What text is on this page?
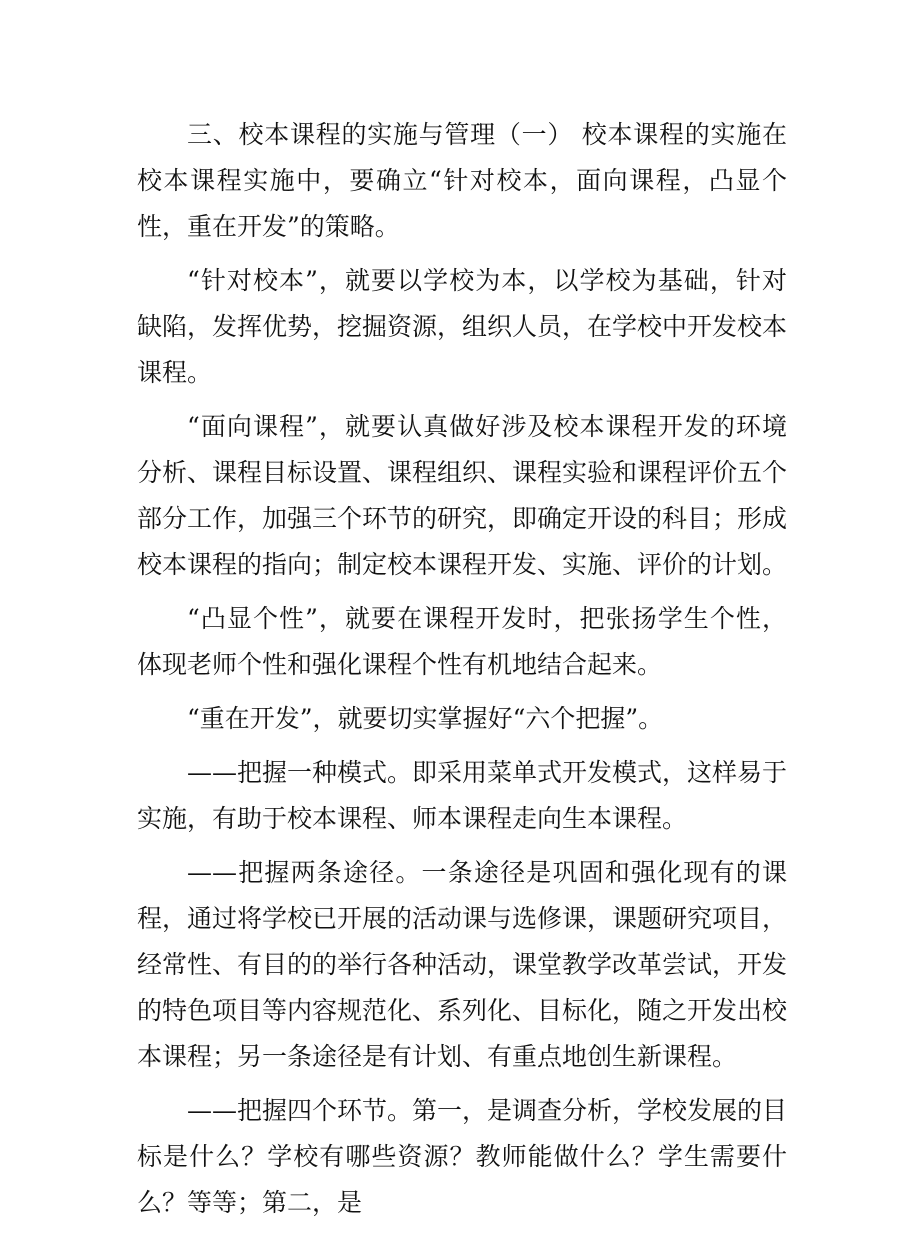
三、校本课程的实施与管理（一） 校本课程的实施在校本课程实施中，要确立“针对校本，面向课程，凸显个性，重在开发”的策略。

“针对校本”，就要以学校为本，以学校为基础，针对缺陷，发挥优势，挖掘资源，组织人员，在学校中开发校本课程。

“面向课程”，就要认真做好涉及校本课程开发的环境分析、课程目标设置、课程组织、课程实验和课程评价五个部分工作，加强三个环节的研究，即确定开设的科目；形成校本课程的指向；制定校本课程开发、实施、评价的计划。

“凸显个性”，就要在课程开发时，把张扬学生个性，体现老师个性和强化课程个性有机地结合起来。

“重在开发”，就要切实掌握好“六个把握”。

——把握一种模式。即采用菜单式开发模式，这样易于实施，有助于校本课程、师本课程走向生本课程。

——把握两条途径。一条途径是巩固和强化现有的课程，通过将学校已开展的活动课与选修课，课题研究项目，经常性、有目的的举行各种活动，课堂教学改革尝试，开发的特色项目等内容规范化、系列化、目标化，随之开发出校本课程；另一条途径是有计划、有重点地创生新课程。

——把握四个环节。第一，是调查分析，学校发展的目标是什么？学校有哪些资源？教师能做什么？学生需要什么？等等；第二，是
